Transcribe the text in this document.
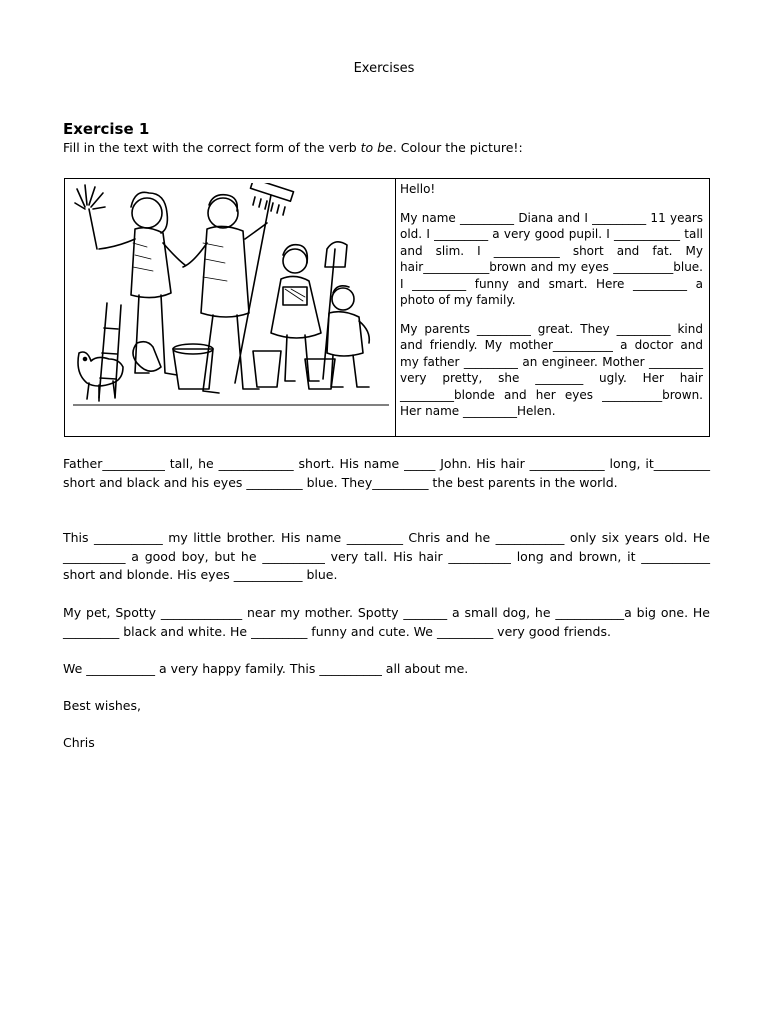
Exercises
Exercise 1
Fill in the text with the correct form of the verb to be. Colour the picture!:

Hello!

My name _________ Diana and I _________ 11 years old. I _________ a very good pupil. I ___________ tall and slim. I ___________ short and fat. My hair___________brown and my eyes __________blue. I _________ funny and smart. Here _________ a photo of my family.

My parents _________ great. They _________ kind and friendly. My mother__________ a doctor and my father _________ an engineer. Mother _________ very pretty, she ________ ugly. Her hair _________blonde and her eyes __________brown. Her name _________Helen.

Father__________ tall, he ____________ short. His name _____ John. His hair ____________ long, it_________ short and black and his eyes _________ blue. They_________ the best parents in the world.

This ___________ my little brother. His name _________ Chris and he ___________ only six years old. He __________ a good boy, but he __________ very tall. His hair __________ long and brown, it ___________ short and blonde. His eyes ___________ blue.

My pet, Spotty _____________ near my mother. Spotty _______ a small dog, he ___________a big one. He _________ black and white. He _________ funny and cute. We _________ very good friends.

We ___________ a very happy family. This __________ all about me.

Best wishes,

Chris
